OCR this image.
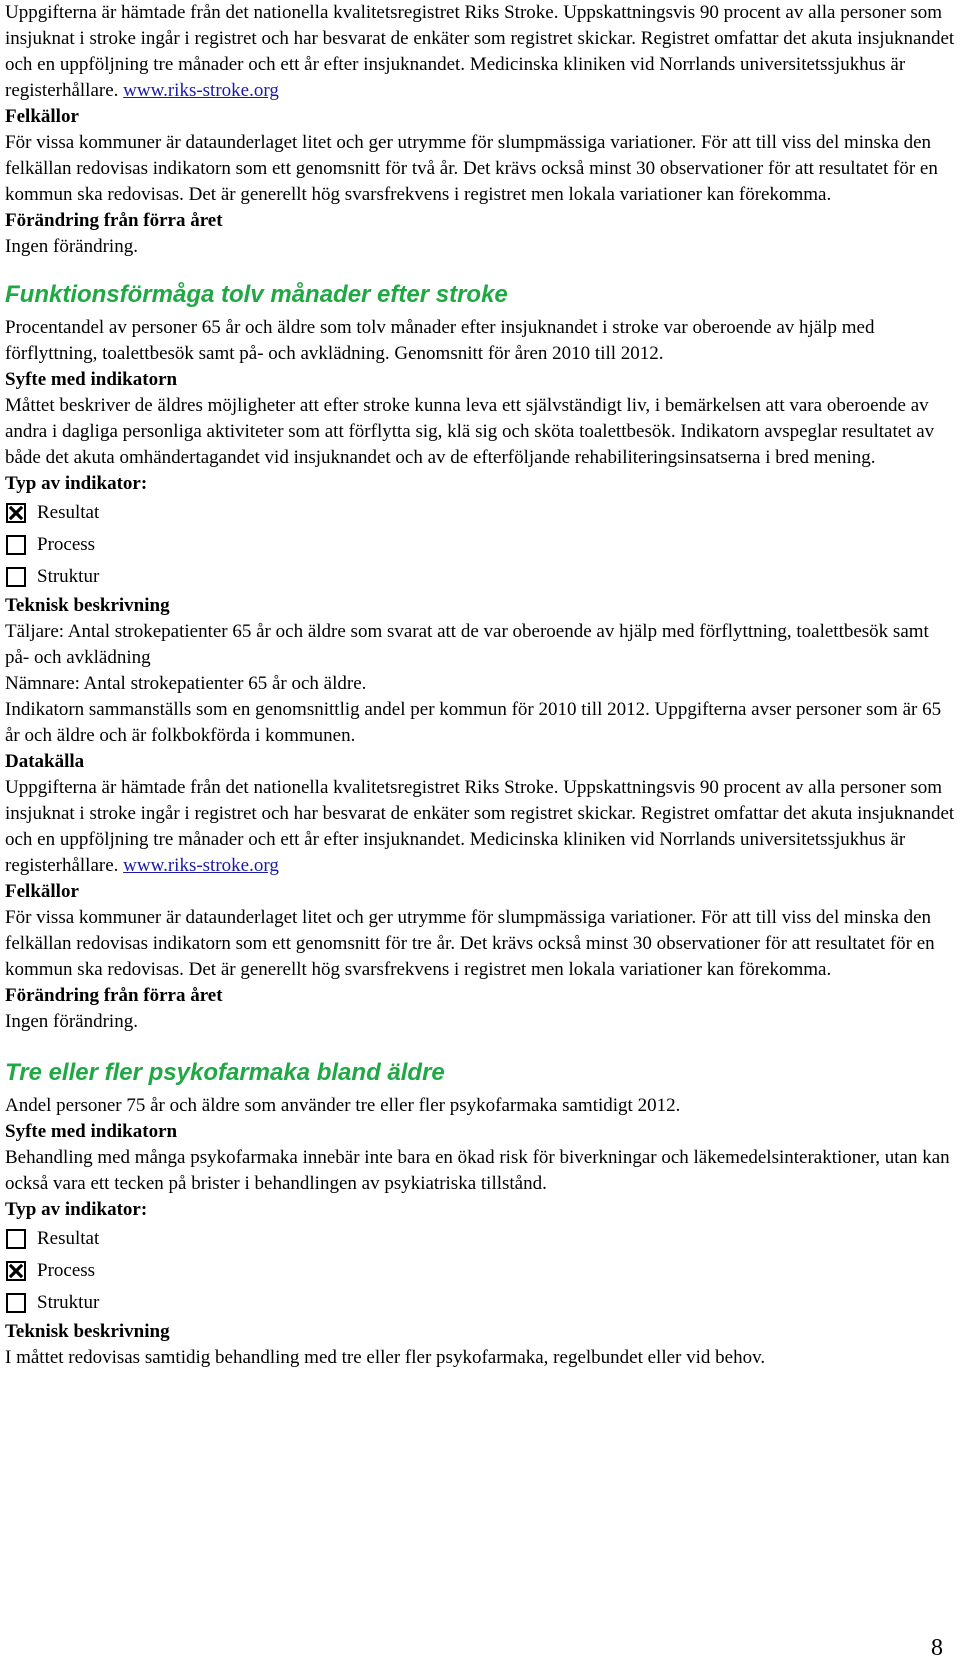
Uppgifterna är hämtade från det nationella kvalitetsregistret Riks Stroke. Uppskattningsvis 90 procent av alla personer som insjuknat i stroke ingår i registret och har besvarat de enkäter som registret skickar. Registret omfattar det akuta insjuknandet och en uppföljning tre månader och ett år efter insjuknandet. Medicinska kliniken vid Norrlands universitetssjukhus är registerhållare. www.riks-stroke.org

Felkällor

För vissa kommuner är dataunderlaget litet och ger utrymme för slumpmässiga variationer. För att till viss del minska den felkällan redovisas indikatorn som ett genomsnitt för två år. Det krävs också minst 30 observationer för att resultatet för en kommun ska redovisas. Det är generellt hög svarsfrekvens i registret men lokala variationer kan förekomma.

Förändring från förra året

Ingen förändring.

Funktionsförmåga tolv månader efter stroke

Procentandel av personer 65 år och äldre som tolv månader efter insjuknandet i stroke var oberoende av hjälp med förflyttning, toalettbesök samt på- och avklädning. Genomsnitt för åren 2010 till 2012.

Syfte med indikatorn

Måttet beskriver de äldres möjligheter att efter stroke kunna leva ett självständigt liv, i bemärkelsen att vara oberoende av andra i dagliga personliga aktiviteter som att förflytta sig, klä sig och sköta toalettbesök. Indikatorn avspeglar resultatet av både det akuta omhändertagandet vid insjuknandet och av de efterföljande rehabiliteringsinsatserna i bred mening.

Typ av indikator:

Resultat
Process
Struktur

Teknisk beskrivning

Täljare: Antal strokepatienter 65 år och äldre som svarat att de var oberoende av hjälp med förflyttning, toalettbesök samt på- och avklädning

Nämnare: Antal strokepatienter 65 år och äldre.

Indikatorn sammanställs som en genomsnittlig andel per kommun för 2010 till 2012. Uppgifterna avser personer som är 65 år och äldre och är folkbokförda i kommunen.

Datakälla

Uppgifterna är hämtade från det nationella kvalitetsregistret Riks Stroke. Uppskattningsvis 90 procent av alla personer som insjuknat i stroke ingår i registret och har besvarat de enkäter som registret skickar. Registret omfattar det akuta insjuknandet och en uppföljning tre månader och ett år efter insjuknandet. Medicinska kliniken vid Norrlands universitetssjukhus är registerhållare. www.riks-stroke.org

Felkällor

För vissa kommuner är dataunderlaget litet och ger utrymme för slumpmässiga variationer. För att till viss del minska den felkällan redovisas indikatorn som ett genomsnitt för tre år. Det krävs också minst 30 observationer för att resultatet för en kommun ska redovisas. Det är generellt hög svarsfrekvens i registret men lokala variationer kan förekomma.

Förändring från förra året

Ingen förändring.

Tre eller fler psykofarmaka bland äldre

Andel personer 75 år och äldre som använder tre eller fler psykofarmaka samtidigt 2012.

Syfte med indikatorn

Behandling med många psykofarmaka innebär inte bara en ökad risk för biverkningar och läkemedelsinteraktioner, utan kan också vara ett tecken på brister i behandlingen av psykiatriska tillstånd.

Typ av indikator:

Resultat
Process
Struktur

Teknisk beskrivning

I måttet redovisas samtidig behandling med tre eller fler psykofarmaka, regelbundet eller vid behov.

8
